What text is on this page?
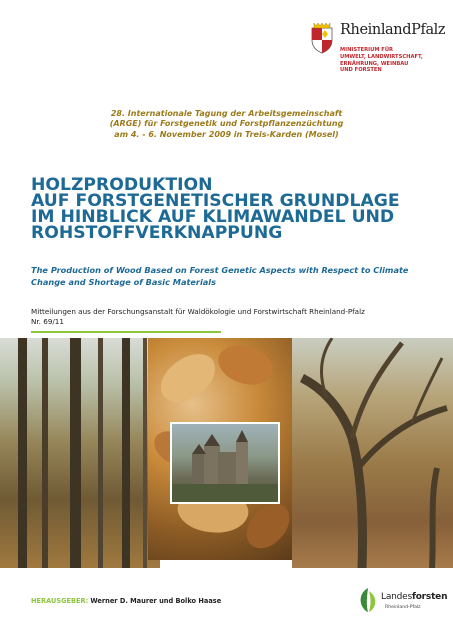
RheinlandPfalz
MINISTERIUM FÜR
UMWELT, LANDWIRTSCHAFT,
ERNÄHRUNG, WEINBAU
UND FORSTEN
28. Internationale Tagung der Arbeitsgemeinschaft
(ARGE) für Forstgenetik und Forstpflanzenzüchtung
am 4. - 6. November 2009 in Treis-Karden (Mosel)
HOLZPRODUKTION
AUF FORSTGENETISCHER GRUNDLAGE
IM HINBLICK AUF KLIMAWANDEL UND
ROHSTOFFVERKNAPPUNG
The Production of Wood Based on Forest Genetic Aspects with Respect to Climate
Change and Shortage of Basic Materials
Mitteilungen aus der Forschungsanstalt für Waldökologie und Forstwirtschaft Rheinland-Pfalz
Nr. 69/11
HERAUSGEBER: Werner D. Maurer und Bolko Haase	Landesforsten
Rheinland-Pfalz
